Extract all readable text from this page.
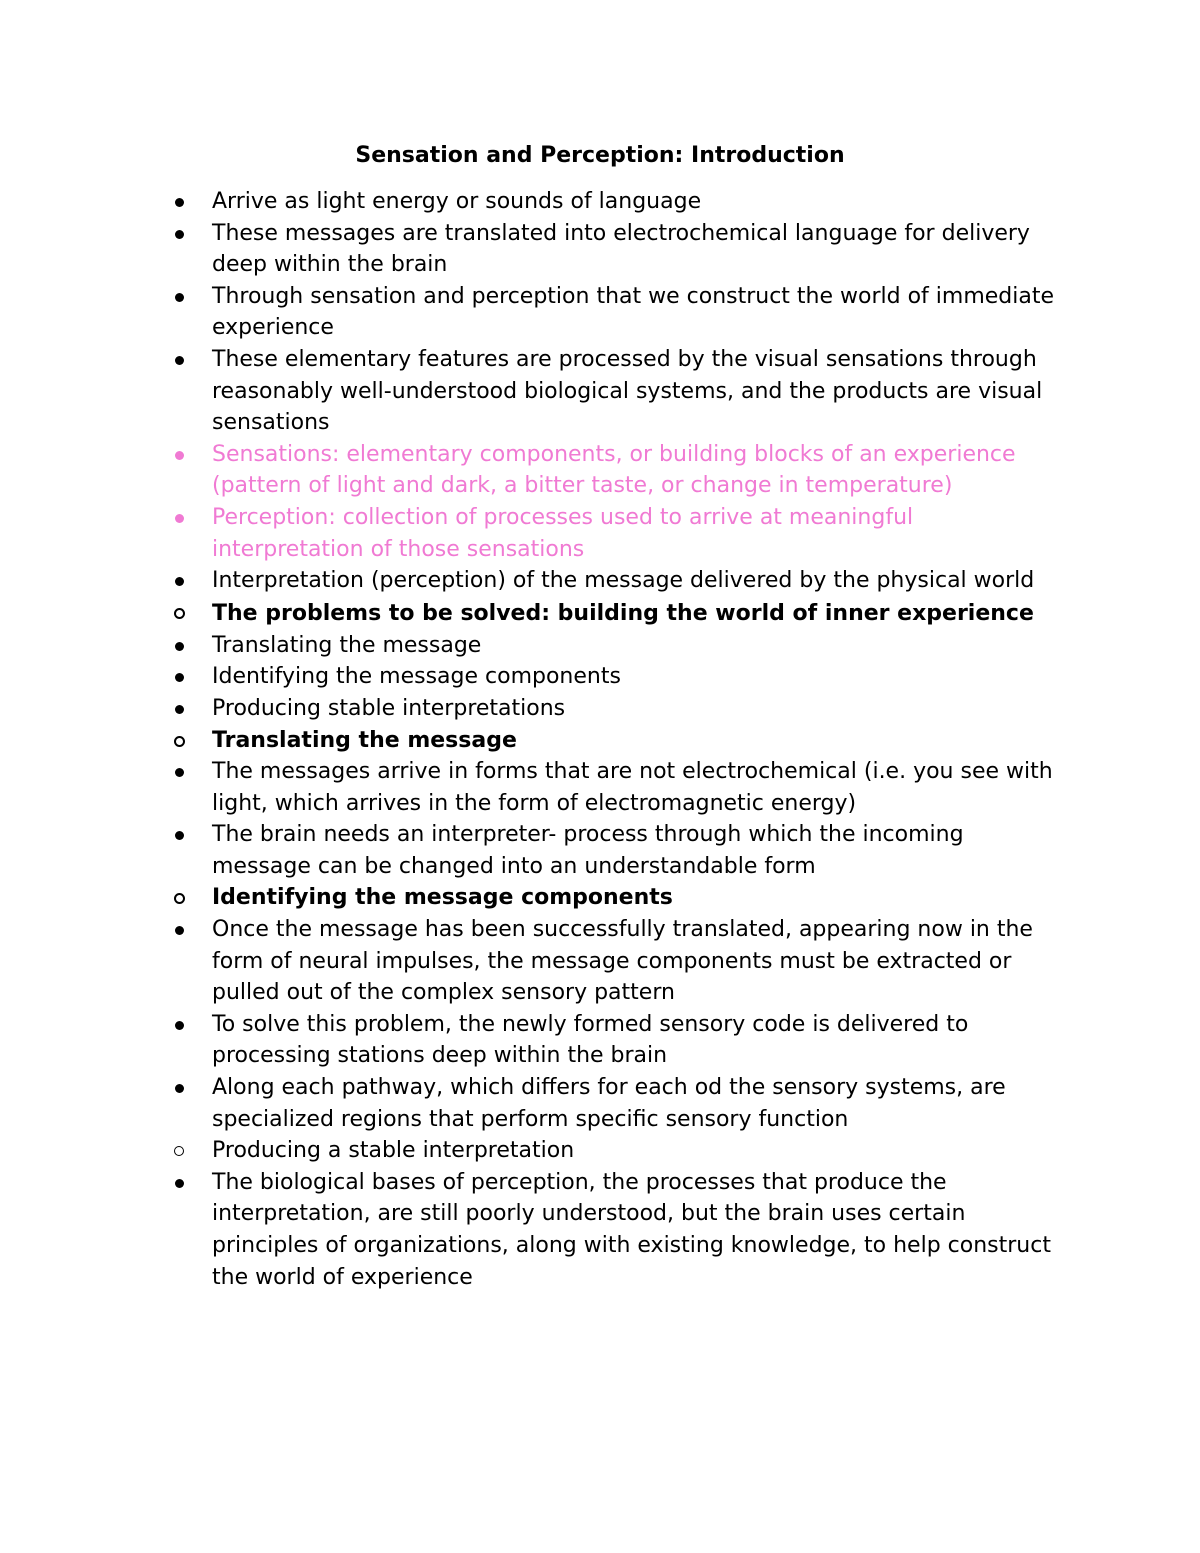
Sensation and Perception: Introduction
Arrive as light energy or sounds of language
These messages are translated into electrochemical language for delivery deep within the brain
Through sensation and perception that we construct the world of immediate experience
These elementary features are processed by the visual sensations through reasonably well-understood biological systems, and the products are visual sensations
Sensations: elementary components, or building blocks of an experience (pattern of light and dark, a bitter taste, or change in temperature)
Perception: collection of processes used to arrive at meaningful interpretation of those sensations
Interpretation (perception) of the message delivered by the physical world
The problems to be solved: building the world of inner experience
Translating the message
Identifying the message components
Producing stable interpretations
Translating the message
The messages arrive in forms that are not electrochemical (i.e. you see with light, which arrives in the form of electromagnetic energy)
The brain needs an interpreter- process through which the incoming message can be changed into an understandable form
Identifying the message components
Once the message has been successfully translated, appearing now in the form of neural impulses, the message components must be extracted or pulled out of the complex sensory pattern
To solve this problem, the newly formed sensory code is delivered to processing stations deep within the brain
Along each pathway, which differs for each od the sensory systems, are specialized regions that perform specific sensory function
Producing a stable interpretation
The biological bases of perception, the processes that produce the interpretation, are still poorly understood, but the brain uses certain principles of organizations, along with existing knowledge, to help construct the world of experience
